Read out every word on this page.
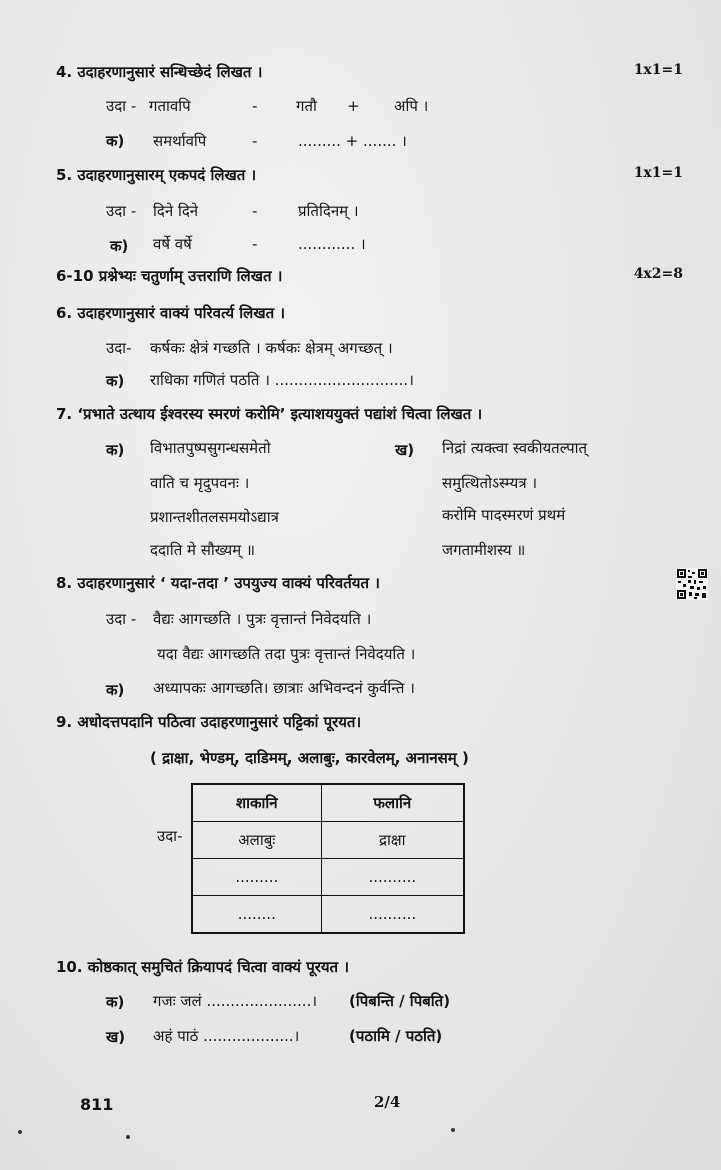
4. उदाहरणानुसारं सन्धिच्छेदं लिखत ।	1x1=1
उदा - गतावपि	-	गतौ + अपि ।
क) समर्थावपि	-	......... + ....... ।
5. उदाहरणानुसारम् एकपदं लिखत ।	1x1=1
उदा - दिने दिने	-	प्रतिदिनम् ।
क) वर्षे वर्षे	-	............ ।
6-10 प्रश्नेभ्यः चतुर्णाम् उत्तराणि लिखत ।	4x2=8
6. उदाहरणानुसारं वाक्यं परिवर्त्य लिखत ।
उदा- कर्षकः क्षेत्रं गच्छति । कर्षकः क्षेत्रम् अगच्छत् ।
क) राधिका गणितं पठति । ............................।
7. ‘प्रभाते उत्थाय ईश्वरस्य स्मरणं करोमि’ इत्याशययुक्तं पद्यांशं चित्वा लिखत ।
क) विभातपुष्पसुगन्धसमेतो
वाति च मृदुपवनः ।
प्रशान्तशीतलसमयोऽद्यात्र
ददाति मे सौख्यम् ॥
ख) निद्रां त्यक्त्वा स्वकीयतल्पात्
समुत्थितोऽस्म्यत्र ।
करोमि पादस्मरणं प्रथमं
जगतामीशस्य ॥
8. उदाहरणानुसारं ‘ यदा-तदा ’ उपयुज्य वाक्यं परिवर्तयत ।
उदा - वैद्यः आगच्छति । पुत्रः वृत्तान्तं निवेदयति ।
यदा वैद्यः आगच्छति तदा पुत्रः वृत्तान्तं निवेदयति ।
क) अध्यापकः आगच्छति। छात्राः अभिवन्दनं कुर्वन्ति ।
9. अधोदत्तपदानि पठित्वा उदाहरणानुसारं पट्टिकां पूरयत।
( द्राक्षा, भेण्डम्, दाडिमम्, अलाबुः, कारवेलम्, अनानसम् )
उदा-
शाकानि	फलानि
अलाबुः	द्राक्षा
.........	..........
........	..........
10. कोष्ठकात् समुचितं क्रियापदं चित्वा वाक्यं पूरयत ।
क) गजः जलं ......................। (पिबन्ति / पिबति)
ख) अहं पाठं ...................।	(पठामि / पठति)
811	2/4
